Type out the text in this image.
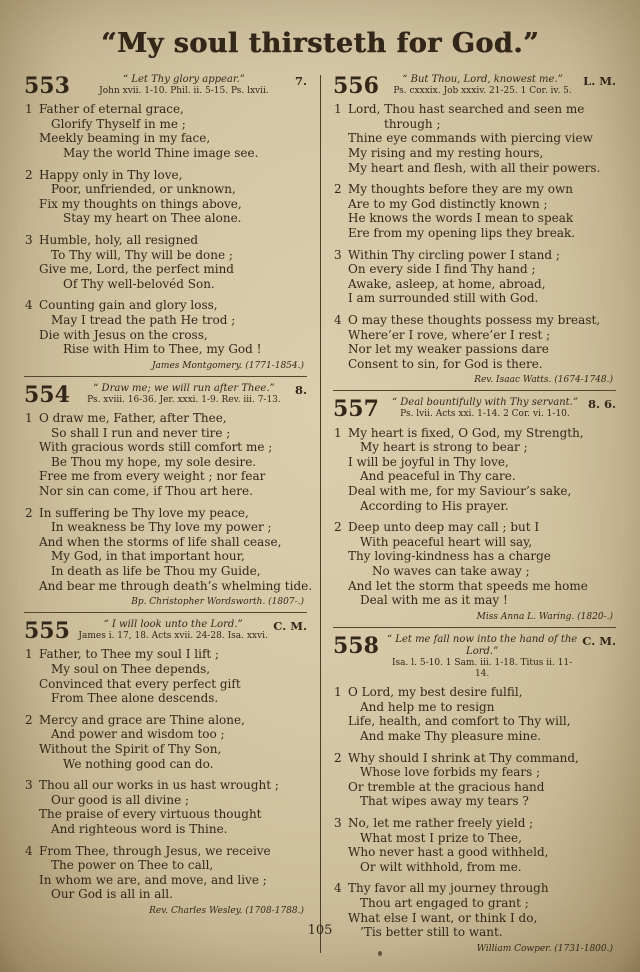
“My soul thirsteth for God.”
553	“ Let Thy glory appear.”
John xvii. 1-10. Phil. ii. 5-15. Ps. lxvii.
7.
1 Father of eternal grace,
Glorify Thyself in me ;
Meekly beaming in my face,
May the world Thine image see.
2 Happy only in Thy love,
Poor, unfriended, or unknown,
Fix my thoughts on things above,
Stay my heart on Thee alone.
3 Humble, holy, all resigned
To Thy will, Thy will be done ;
Give me, Lord, the perfect mind
Of Thy well-belovéd Son.
4 Counting gain and glory loss,
May I tread the path He trod ;
Die with Jesus on the cross,
Rise with Him to Thee, my God !
James Montgomery. (1771-1854.)
554	“ Draw me; we will run after Thee.”
Ps. xviii. 16-36. Jer. xxxi. 1-9. Rev. iii. 7-13.
8.
1 O draw me, Father, after Thee,
So shall I run and never tire ;
With gracious words still comfort me ;
Be Thou my hope, my sole desire.
Free me from every weight ; nor fear
Nor sin can come, if Thou art here.
2 In suffering be Thy love my peace,
In weakness be Thy love my power ;
And when the storms of life shall cease,
My God, in that important hour,
In death as life be Thou my Guide,
And bear me through death’s whelming tide.
Bp. Christopher Wordsworth. (1807-.)
555	“ I will look unto the Lord.”
James i. 17, 18. Acts xvii. 24-28. Isa. xxvi.
C. M.
1 Father, to Thee my soul I lift ;
My soul on Thee depends,
Convinced that every perfect gift
From Thee alone descends.
2 Mercy and grace are Thine alone,
And power and wisdom too ;
Without the Spirit of Thy Son,
We nothing good can do.
3 Thou all our works in us hast wrought ;
Our good is all divine ;
The praise of every virtuous thought
And righteous word is Thine.
4 From Thee, through Jesus, we receive
The power on Thee to call,
In whom we are, and move, and live ;
Our God is all in all.
Rev. Charles Wesley. (1708-1788.)
556	“ But Thou, Lord, knowest me.”
Ps. cxxxix. Job xxxiv. 21-25. 1 Cor. iv. 5.
L. M.
1 Lord, Thou hast searched and seen me
through ;
Thine eye commands with piercing view
My rising and my resting hours,
My heart and flesh, with all their powers.
2 My thoughts before they are my own
Are to my God distinctly known ;
He knows the words I mean to speak
Ere from my opening lips they break.
3 Within Thy circling power I stand ;
On every side I find Thy hand ;
Awake, asleep, at home, abroad,
I am surrounded still with God.
4 O may these thoughts possess my breast,
Where’er I rove, where’er I rest ;
Nor let my weaker passions dare
Consent to sin, for God is there.
Rev. Isaac Watts. (1674-1748.)
557	“ Deal bountifully with Thy servant.”
Ps. lvii. Acts xxi. 1-14. 2 Cor. vi. 1-10.
8. 6.
1 My heart is fixed, O God, my Strength,
My heart is strong to bear ;
I will be joyful in Thy love,
And peaceful in Thy care.
Deal with me, for my Saviour’s sake,
According to His prayer.
2 Deep unto deep may call ; but I
With peaceful heart will say,
Thy loving-kindness has a charge
No waves can take away ;
And let the storm that speeds me home
Deal with me as it may !
Miss Anna L. Waring. (1820-.)
558 “ Let me fall now into the hand of the Lord.”
Isa. l. 5-10. 1 Sam. iii. 1-18. Titus ii. 11-14.
C. M.
1 O Lord, my best desire fulfil,
And help me to resign
Life, health, and comfort to Thy will,
And make Thy pleasure mine.
2 Why should I shrink at Thy command,
Whose love forbids my fears ;
Or tremble at the gracious hand
That wipes away my tears ?
3 No, let me rather freely yield ;
What most I prize to Thee,
Who never hast a good withheld,
Or wilt withhold, from me.
4 Thy favor all my journey through
Thou art engaged to grant ;
What else I want, or think I do,
’Tis better still to want.
William Cowper. (1731-1800.)
105
